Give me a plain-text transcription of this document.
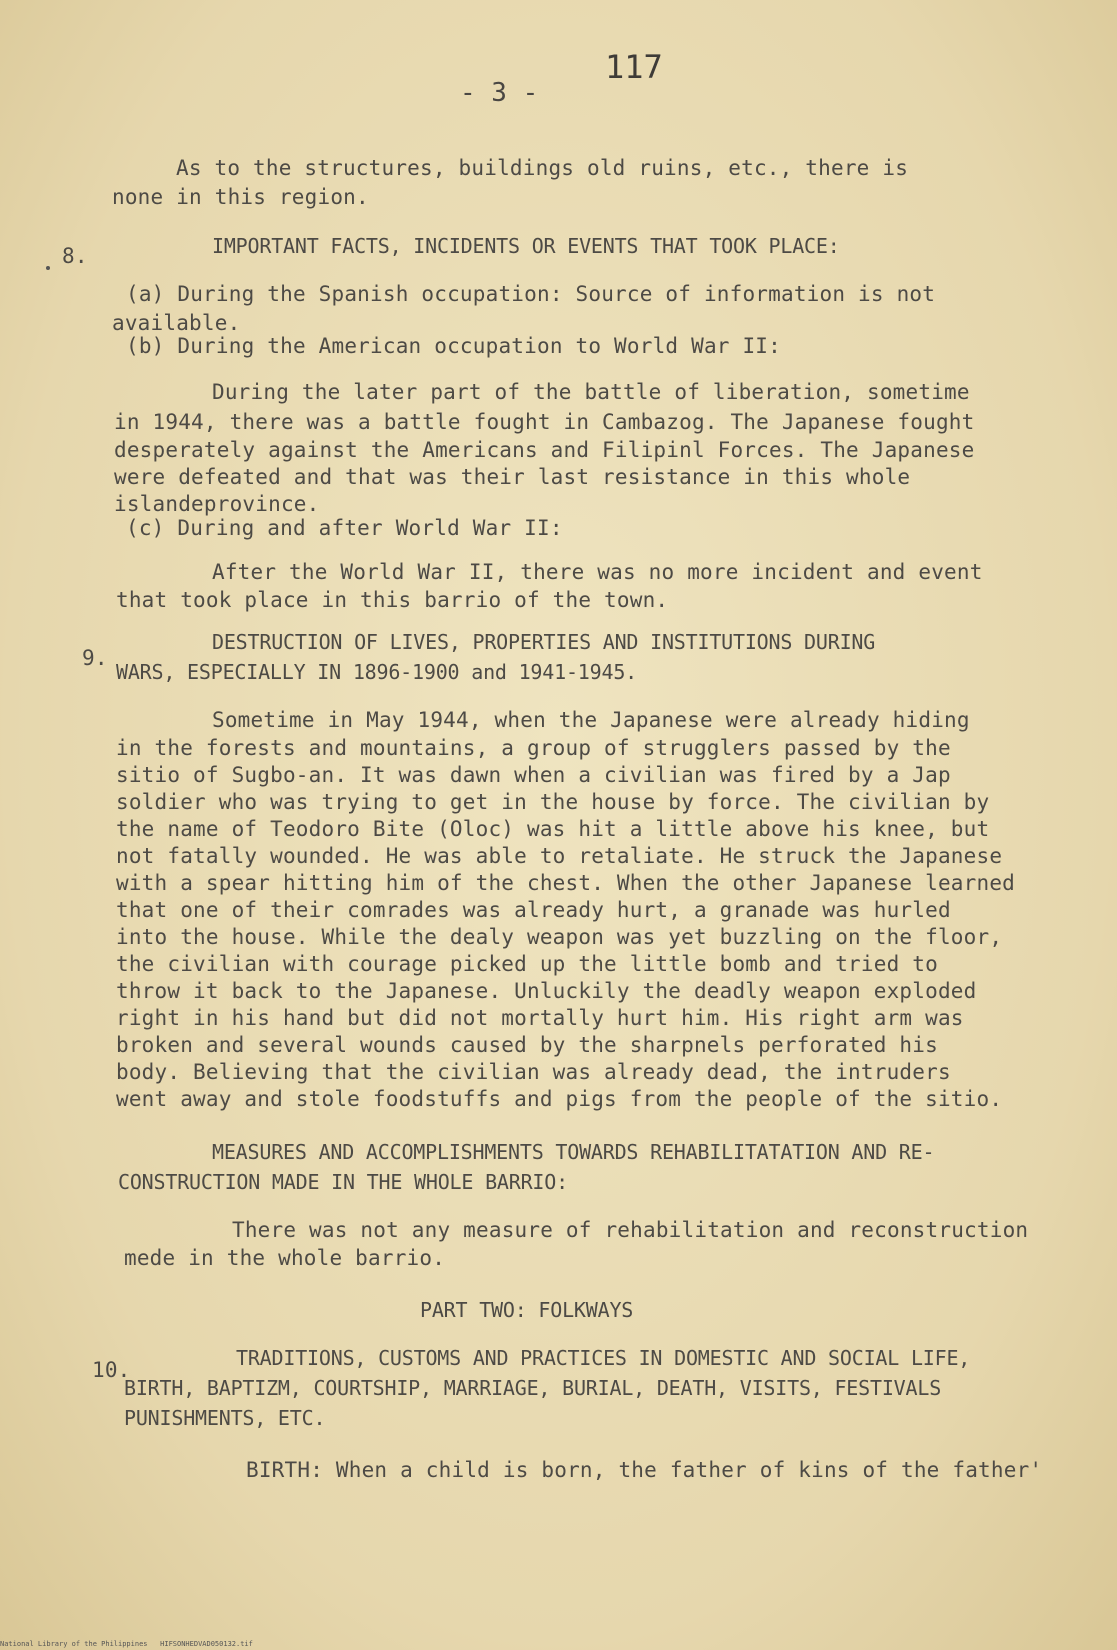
117
- 3 -
As to the structures, buildings old ruins, etc., there is
none in this region.
8.	IMPORTANT FACTS, INCIDENTS OR EVENTS THAT TOOK PLACE:
(a) During the Spanish occupation: Source of information is not
available.
(b) During the American occupation to World War II:
During the later part of the battle of liberation, sometime
in 1944, there was a battle fought in Cambazog. The Japanese fought
desperately against the Americans and Filipinl Forces. The Japanese
were defeated and that was their last resistance in this whole
islandeprovince.
(c) During and after World War II:
After the World War II, there was no more incident and event
that took place in this barrio of the town.
9.
DESTRUCTION OF LIVES, PROPERTIES AND INSTITUTIONS DURING
WARS, ESPECIALLY IN 1896-1900 and 1941-1945.
Sometime in May 1944, when the Japanese were already hiding
in the forests and mountains, a group of strugglers passed by the
sitio of Sugbo-an. It was dawn when a civilian was fired by a Jap
soldier who was trying to get in the house by force. The civilian by
the name of Teodoro Bite (Oloc) was hit a little above his knee, but
not fatally wounded. He was able to retaliate. He struck the Japanese
with a spear hitting him of the chest. When the other Japanese learned
that one of their comrades was already hurt, a granade was hurled
into the house. While the dealy weapon was yet buzzling on the floor,
the civilian with courage picked up the little bomb and tried to
throw it back to the Japanese. Unluckily the deadly weapon exploded
right in his hand but did not mortally hurt him. His right arm was
broken and several wounds caused by the sharpnels perforated his
body. Believing that the civilian was already dead, the intruders
went away and stole foodstuffs and pigs from the people of the sitio.
MEASURES AND ACCOMPLISHMENTS TOWARDS REHABILITATATION AND RE-
CONSTRUCTION MADE IN THE WHOLE BARRIO:
There was not any measure of rehabilitation and reconstruction
mede in the whole barrio.
PART TWO: FOLKWAYS
10.	TRADITIONS, CUSTOMS AND PRACTICES IN DOMESTIC AND SOCIAL LIFE,
BIRTH, BAPTIZM, COURTSHIP, MARRIAGE, BURIAL, DEATH, VISITS, FESTIVALS
PUNISHMENTS, ETC.
BIRTH: When a child is born, the father of kins of the father'
National Library of the Philippines   HIFSONHEDVAD050132.tif
